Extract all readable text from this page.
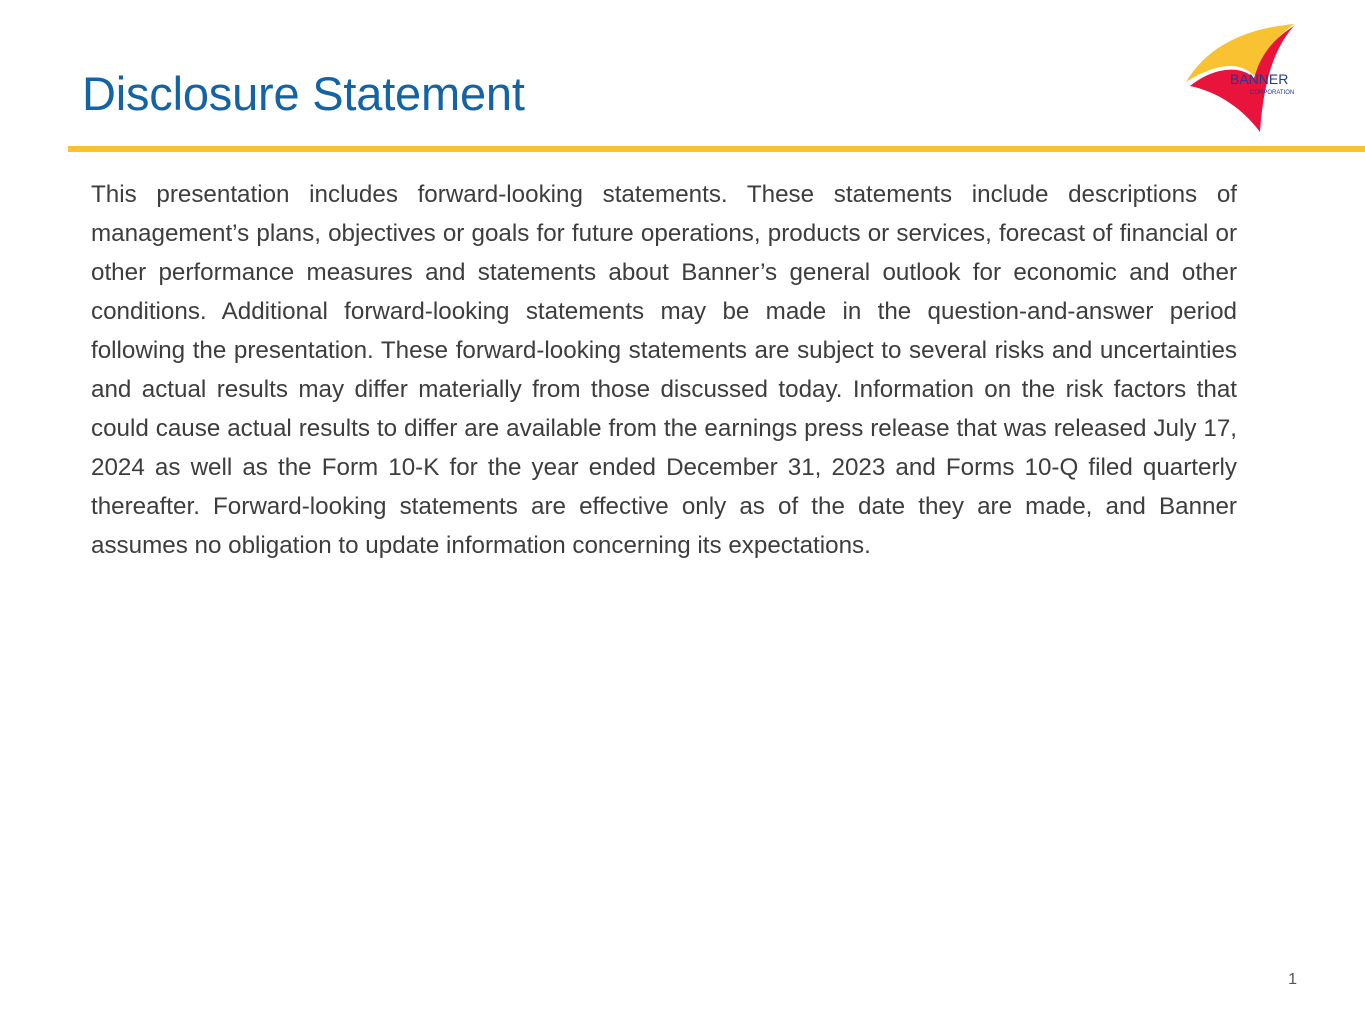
Disclosure Statement	BANNER
CORPORATION

This presentation includes forward-looking statements. These statements include descriptions of management’s plans, objectives or goals for future operations, products or services, forecast of financial or other performance measures and statements about Banner’s general outlook for economic and other conditions. Additional forward-looking statements may be made in the question-and-answer period following the presentation. These forward-looking statements are subject to several risks and uncertainties and actual results may differ materially from those discussed today. Information on the risk factors that could cause actual results to differ are available from the earnings press release that was released July 17, 2024 as well as the Form 10-K for the year ended December 31, 2023 and Forms 10-Q filed quarterly thereafter. Forward-looking statements are effective only as of the date they are made, and Banner assumes no obligation to update information concerning its expectations.

1
